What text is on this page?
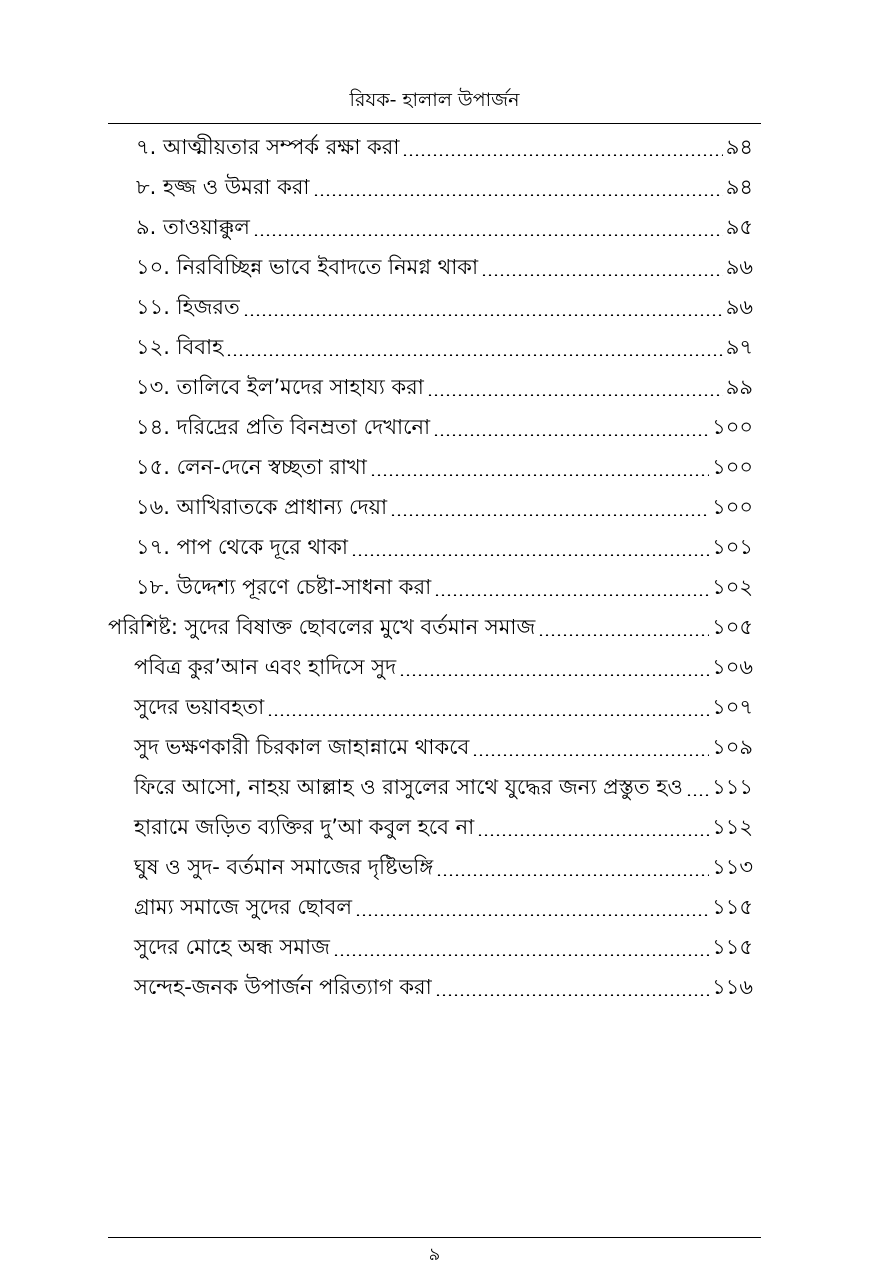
রিযক- হালাল উপার্জন
৭. আত্মীয়তার সম্পর্ক রক্ষা করা	৯৪
৮. হজ্জ ও উমরা করা	৯৪
৯. তাওয়াক্কুল	৯৫
১০. নিরবিচ্ছিন্ন ভাবে ইবাদতে নিমগ্ন থাকা	৯৬
১১. হিজরত	৯৬
১২. বিবাহ	৯৭
১৩. তালিবে ইল’মদের সাহায্য করা	৯৯
১৪. দরিদ্রের প্রতি বিনম্রতা দেখানো	১০০
১৫. লেন-দেনে স্বচ্ছতা রাখা	১০০
১৬. আখিরাতকে প্রাধান্য দেয়া	১০০
১৭. পাপ থেকে দূরে থাকা	১০১
১৮. উদ্দেশ্য পূরণে চেষ্টা-সাধনা করা	১০২
পরিশিষ্ট: সুদের বিষাক্ত ছোবলের মুখে বর্তমান সমাজ	১০৫
পবিত্র কুর’আন এবং হাদিসে সুদ	১০৬
সুদের ভয়াবহতা	১০৭
সুদ ভক্ষণকারী চিরকাল জাহান্নামে থাকবে	১০৯
ফিরে আসো, নাহয় আল্লাহ ও রাসুলের সাথে যুদ্ধের জন্য প্রস্তুত হও ১১১
হারামে জড়িত ব্যক্তির দু’আ কবুল হবে না	১১২
ঘুষ ও সুদ- বর্তমান সমাজের দৃষ্টিভঙ্গি	১১৩
গ্রাম্য সমাজে সুদের ছোবল	১১৫
সুদের মোহে অন্ধ সমাজ	১১৫
সন্দেহ-জনক উপার্জন পরিত্যাগ করা	১১৬
৯
